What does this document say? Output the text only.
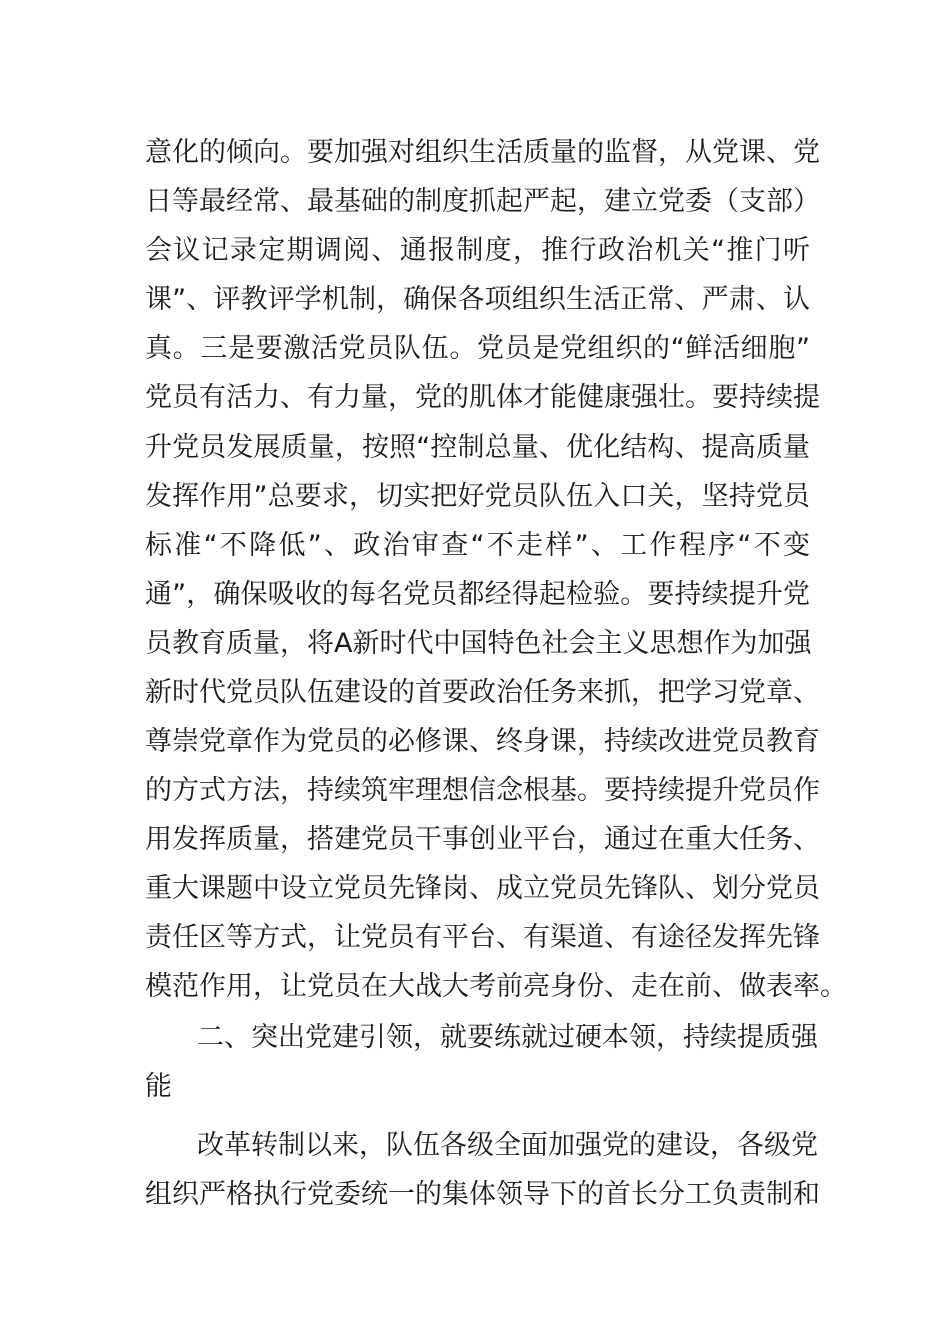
意化的倾向。要加强对组织生活质量的监督，从党课、党
日等最经常、最基础的制度抓起严起，建立党委（支部）
会议记录定期调阅、通报制度，推行政治机关“推门听
课”、评教评学机制，确保各项组织生活正常、严肃、认
真。三是要激活党员队伍。党员是党组织的“鲜活细胞”
党员有活力、有力量，党的肌体才能健康强壮。要持续提
升党员发展质量，按照“控制总量、优化结构、提高质量
发挥作用”总要求，切实把好党员队伍入口关，坚持党员
标准“不降低”、政治审查“不走样”、工作程序“不变
通”，确保吸收的每名党员都经得起检验。要持续提升党
员教育质量，将A新时代中国特色社会主义思想作为加强
新时代党员队伍建设的首要政治任务来抓，把学习党章、
尊崇党章作为党员的必修课、终身课，持续改进党员教育
的方式方法，持续筑牢理想信念根基。要持续提升党员作
用发挥质量，搭建党员干事创业平台，通过在重大任务、
重大课题中设立党员先锋岗、成立党员先锋队、划分党员
责任区等方式，让党员有平台、有渠道、有途径发挥先锋
模范作用，让党员在大战大考前亮身份、走在前、做表率。
二、突出党建引领，就要练就过硬本领，持续提质强
能
改革转制以来，队伍各级全面加强党的建设，各级党
组织严格执行党委统一的集体领导下的首长分工负责制和
